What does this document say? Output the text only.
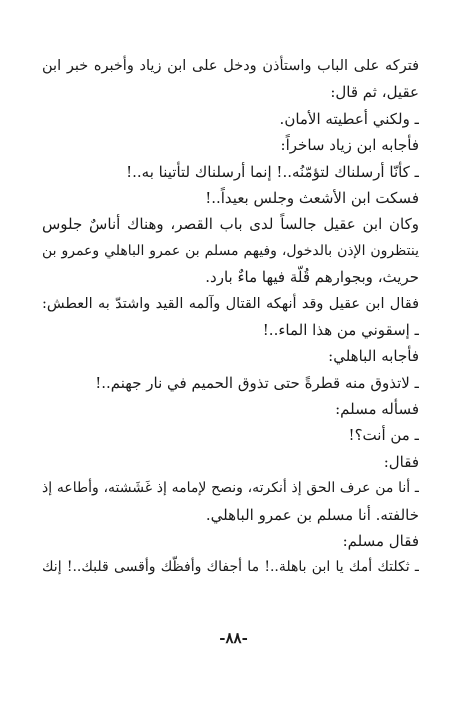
فتركه على الباب واستأذن ودخل على ابن زياد وأخبره خبر ابن
عقيل، ثم قال:
ـ ولكني أعطيته الأمان.
فأجابه ابن زياد ساخراً:
ـ كأنّا أرسلناك لتؤمّنُه..! إنما أرسلناك لتأتينا به..!
فسكت ابن الأشعث وجلس بعيداً..!
وكان ابن عقيل جالساً لدى باب القصر، وهناك أناسٌ جلوس
ينتظرون الإذن بالدخول، وفيهم مسلم بن عمرو الباهلي وعمرو بن
حريث، وبجوارهم قُلّة فيها ماءٌ بارد.
فقال ابن عقيل وقد أنهكه القتال وآلمه القيد واشتدّ به العطش:
ـ إسقوني من هذا الماء..!
فأجابه الباهلي:
ـ لاتذوق منه قطرةً حتى تذوق الحميم في نار جهنم..!
فسأله مسلم:
ـ من أنت؟!
فقال:
ـ أنا من عرف الحق إذ أنكرته، ونصح لإمامه إذ غَشَشته، وأطاعه إذ
خالفته. أنا مسلم بن عمرو الباهلي.
فقال مسلم:
ـ ثكلتك أمك يا ابن باهلة..! ما أجفاك وأفظّك وأقسى قلبك..! إنك
-٨٨-
